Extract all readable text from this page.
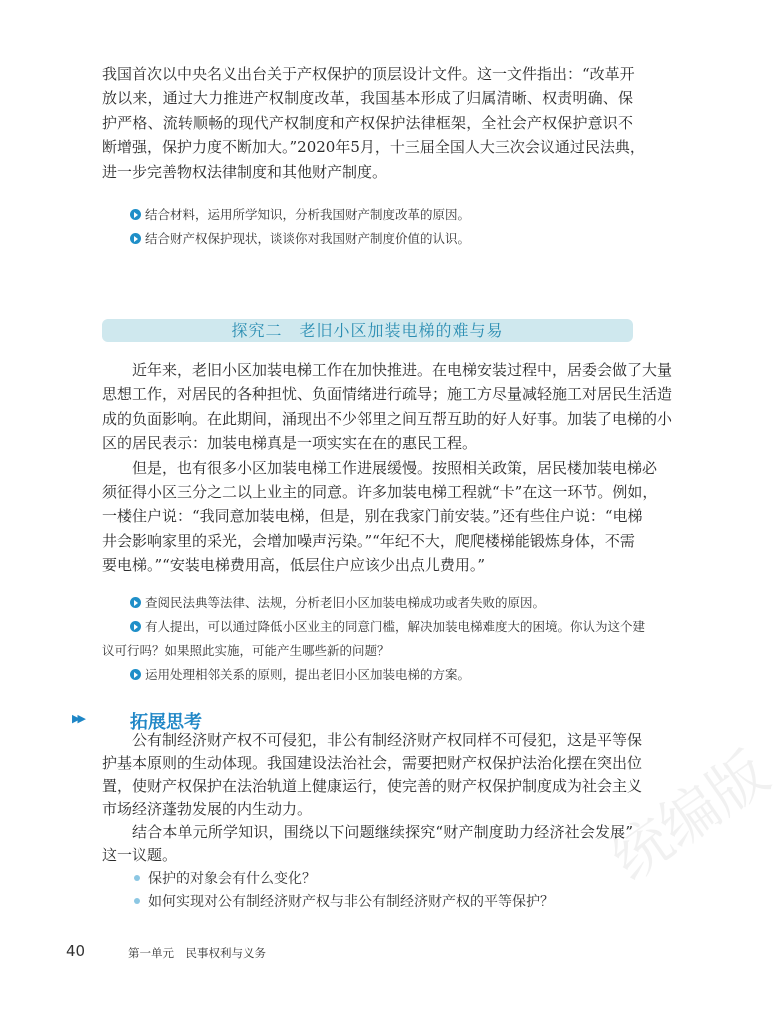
我国首次以中央名义出台关于产权保护的顶层设计文件。这一文件指出：“改革开
放以来，通过大力推进产权制度改革，我国基本形成了归属清晰、权责明确、保
护严格、流转顺畅的现代产权制度和产权保护法律框架，全社会产权保护意识不
断增强，保护力度不断加大。”2020年5月，十三届全国人大三次会议通过民法典，
进一步完善物权法律制度和其他财产制度。
结合材料，运用所学知识，分析我国财产制度改革的原因。
结合财产权保护现状，谈谈你对我国财产制度价值的认识。
探究二　老旧小区加装电梯的难与易
近年来，老旧小区加装电梯工作在加快推进。在电梯安装过程中，居委会做了大量
思想工作，对居民的各种担忧、负面情绪进行疏导；施工方尽量减轻施工对居民生活造
成的负面影响。在此期间，涌现出不少邻里之间互帮互助的好人好事。加装了电梯的小
区的居民表示：加装电梯真是一项实实在在的惠民工程。
但是，也有很多小区加装电梯工作进展缓慢。按照相关政策，居民楼加装电梯必
须征得小区三分之二以上业主的同意。许多加装电梯工程就“卡”在这一环节。例如，
一楼住户说：“我同意加装电梯，但是，别在我家门前安装。”还有些住户说：“电梯
井会影响家里的采光，会增加噪声污染。”“年纪不大，爬爬楼梯能锻炼身体，不需
要电梯。”“安装电梯费用高，低层住户应该少出点儿费用。”
查阅民法典等法律、法规，分析老旧小区加装电梯成功或者失败的原因。
有人提出，可以通过降低小区业主的同意门槛，解决加装电梯难度大的困境。你认为这个建
议可行吗？如果照此实施，可能产生哪些新的问题？
运用处理相邻关系的原则，提出老旧小区加装电梯的方案。
▶▶	拓展思考
公有制经济财产权不可侵犯，非公有制经济财产权同样不可侵犯，这是平等保
护基本原则的生动体现。我国建设法治社会，需要把财产权保护法治化摆在突出位
置，使财产权保护在法治轨道上健康运行，使完善的财产权保护制度成为社会主义
市场经济蓬勃发展的内生动力。
结合本单元所学知识，围绕以下问题继续探究“财产制度助力经济社会发展”
这一议题。
保护的对象会有什么变化？
如何实现对公有制经济财产权与非公有制经济财产权的平等保护？
40	第一单元　民事权利与义务
统编版
